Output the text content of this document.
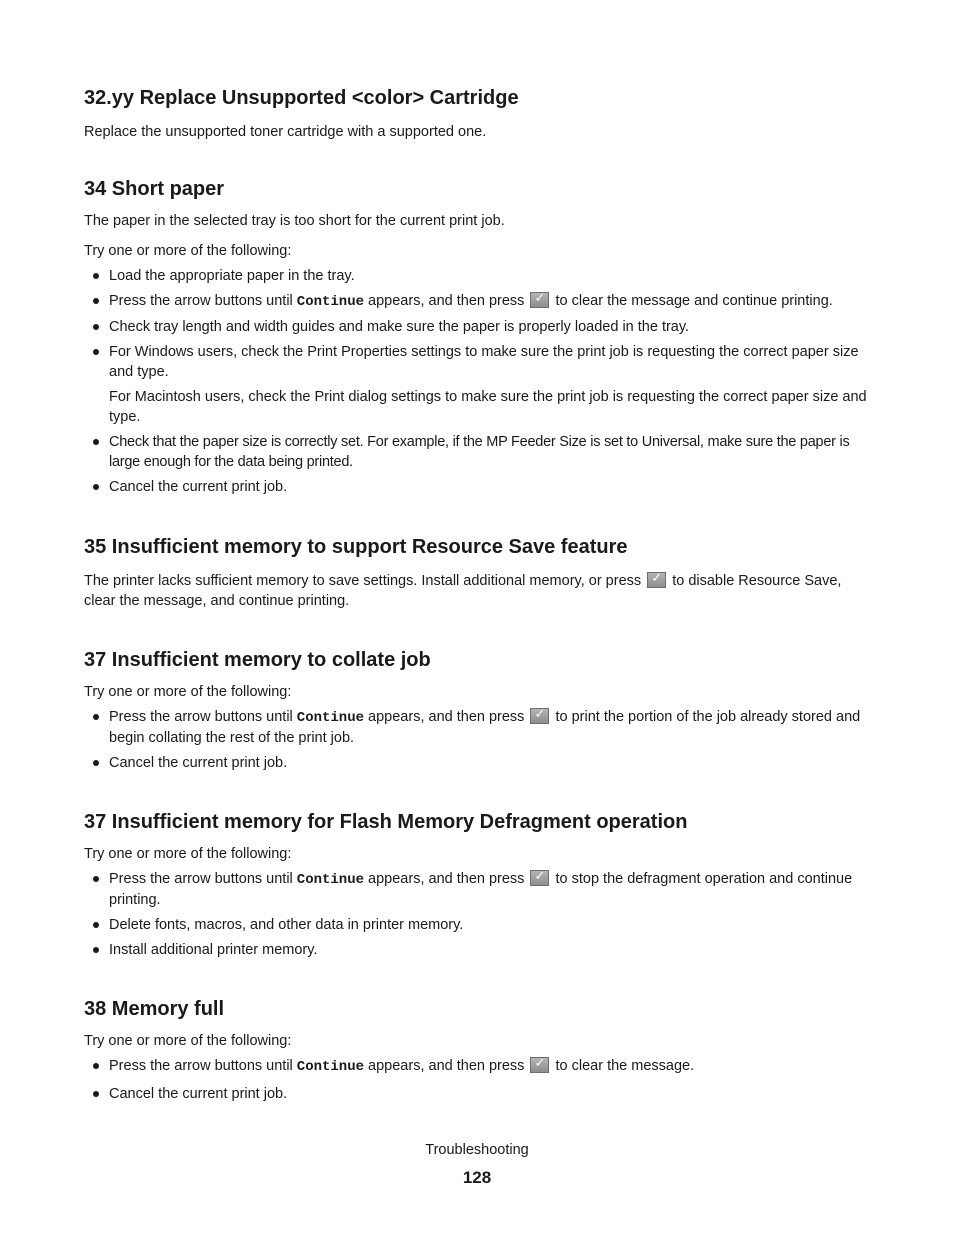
32.yy Replace Unsupported <color> Cartridge

Replace the unsupported toner cartridge with a supported one.

34 Short paper

The paper in the selected tray is too short for the current print job.

Try one or more of the following:

Load the appropriate paper in the tray.
Press the arrow buttons until Continue appears, and then press ✓ to clear the message and continue printing.
Check tray length and width guides and make sure the paper is properly loaded in the tray.
For Windows users, check the Print Properties settings to make sure the print job is requesting the correct paper size and type.
For Macintosh users, check the Print dialog settings to make sure the print job is requesting the correct paper size and type.
Check that the paper size is correctly set. For example, if the MP Feeder Size is set to Universal, make sure the paper is large enough for the data being printed.
Cancel the current print job.
35 Insufficient memory to support Resource Save feature

The printer lacks sufficient memory to save settings. Install additional memory, or press ✓ to disable Resource Save, clear the message, and continue printing.

37 Insufficient memory to collate job

Try one or more of the following:

Press the arrow buttons until Continue appears, and then press ✓ to print the portion of the job already stored and begin collating the rest of the print job.
Cancel the current print job.
37 Insufficient memory for Flash Memory Defragment operation

Try one or more of the following:

Press the arrow buttons until Continue appears, and then press ✓ to stop the defragment operation and continue printing.
Delete fonts, macros, and other data in printer memory.
Install additional printer memory.
38 Memory full

Try one or more of the following:

Press the arrow buttons until Continue appears, and then press ✓ to clear the message.
Cancel the current print job.
Troubleshooting
128
